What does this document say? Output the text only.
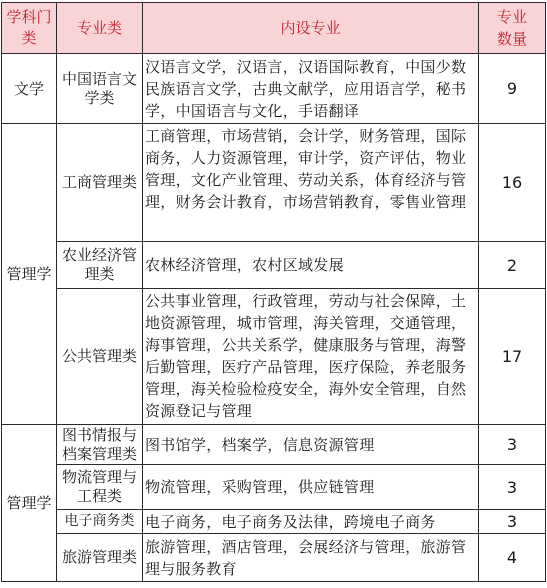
学科门类	专业类	内设专业	专业数量
文学	中国语言文学类	汉语言文学，汉语言，汉语国际教育，中国少数民族语言文学，古典文献学，应用语言学，秘书学，中国语言与文化，手语翻译	9
管理学	工商管理类	工商管理，市场营销，会计学，财务管理，国际商务，人力资源管理，审计学，资产评估，物业管理，文化产业管理、劳动关系，体育经济与管理，财务会计教育，市场营销教育，零售业管理	16
	农业经济管理类	农林经济管理，农村区域发展	2
	公共管理类	公共事业管理，行政管理，劳动与社会保障，土地资源管理，城市管理，海关管理，交通管理，海事管理，公共关系学，健康服务与管理，海警后勤管理，医疗产品管理，医疗保险，养老服务管理，海关检验检疫安全，海外安全管理，自然资源登记与管理	17
管理学	图书情报与档案管理类	图书馆学，档案学，信息资源管理	3
	物流管理与工程类	物流管理，采购管理，供应链管理	3
	电子商务类	电子商务，电子商务及法律，跨境电子商务	3
	旅游管理类	旅游管理，酒店管理，会展经济与管理，旅游管理与服务教育	4
